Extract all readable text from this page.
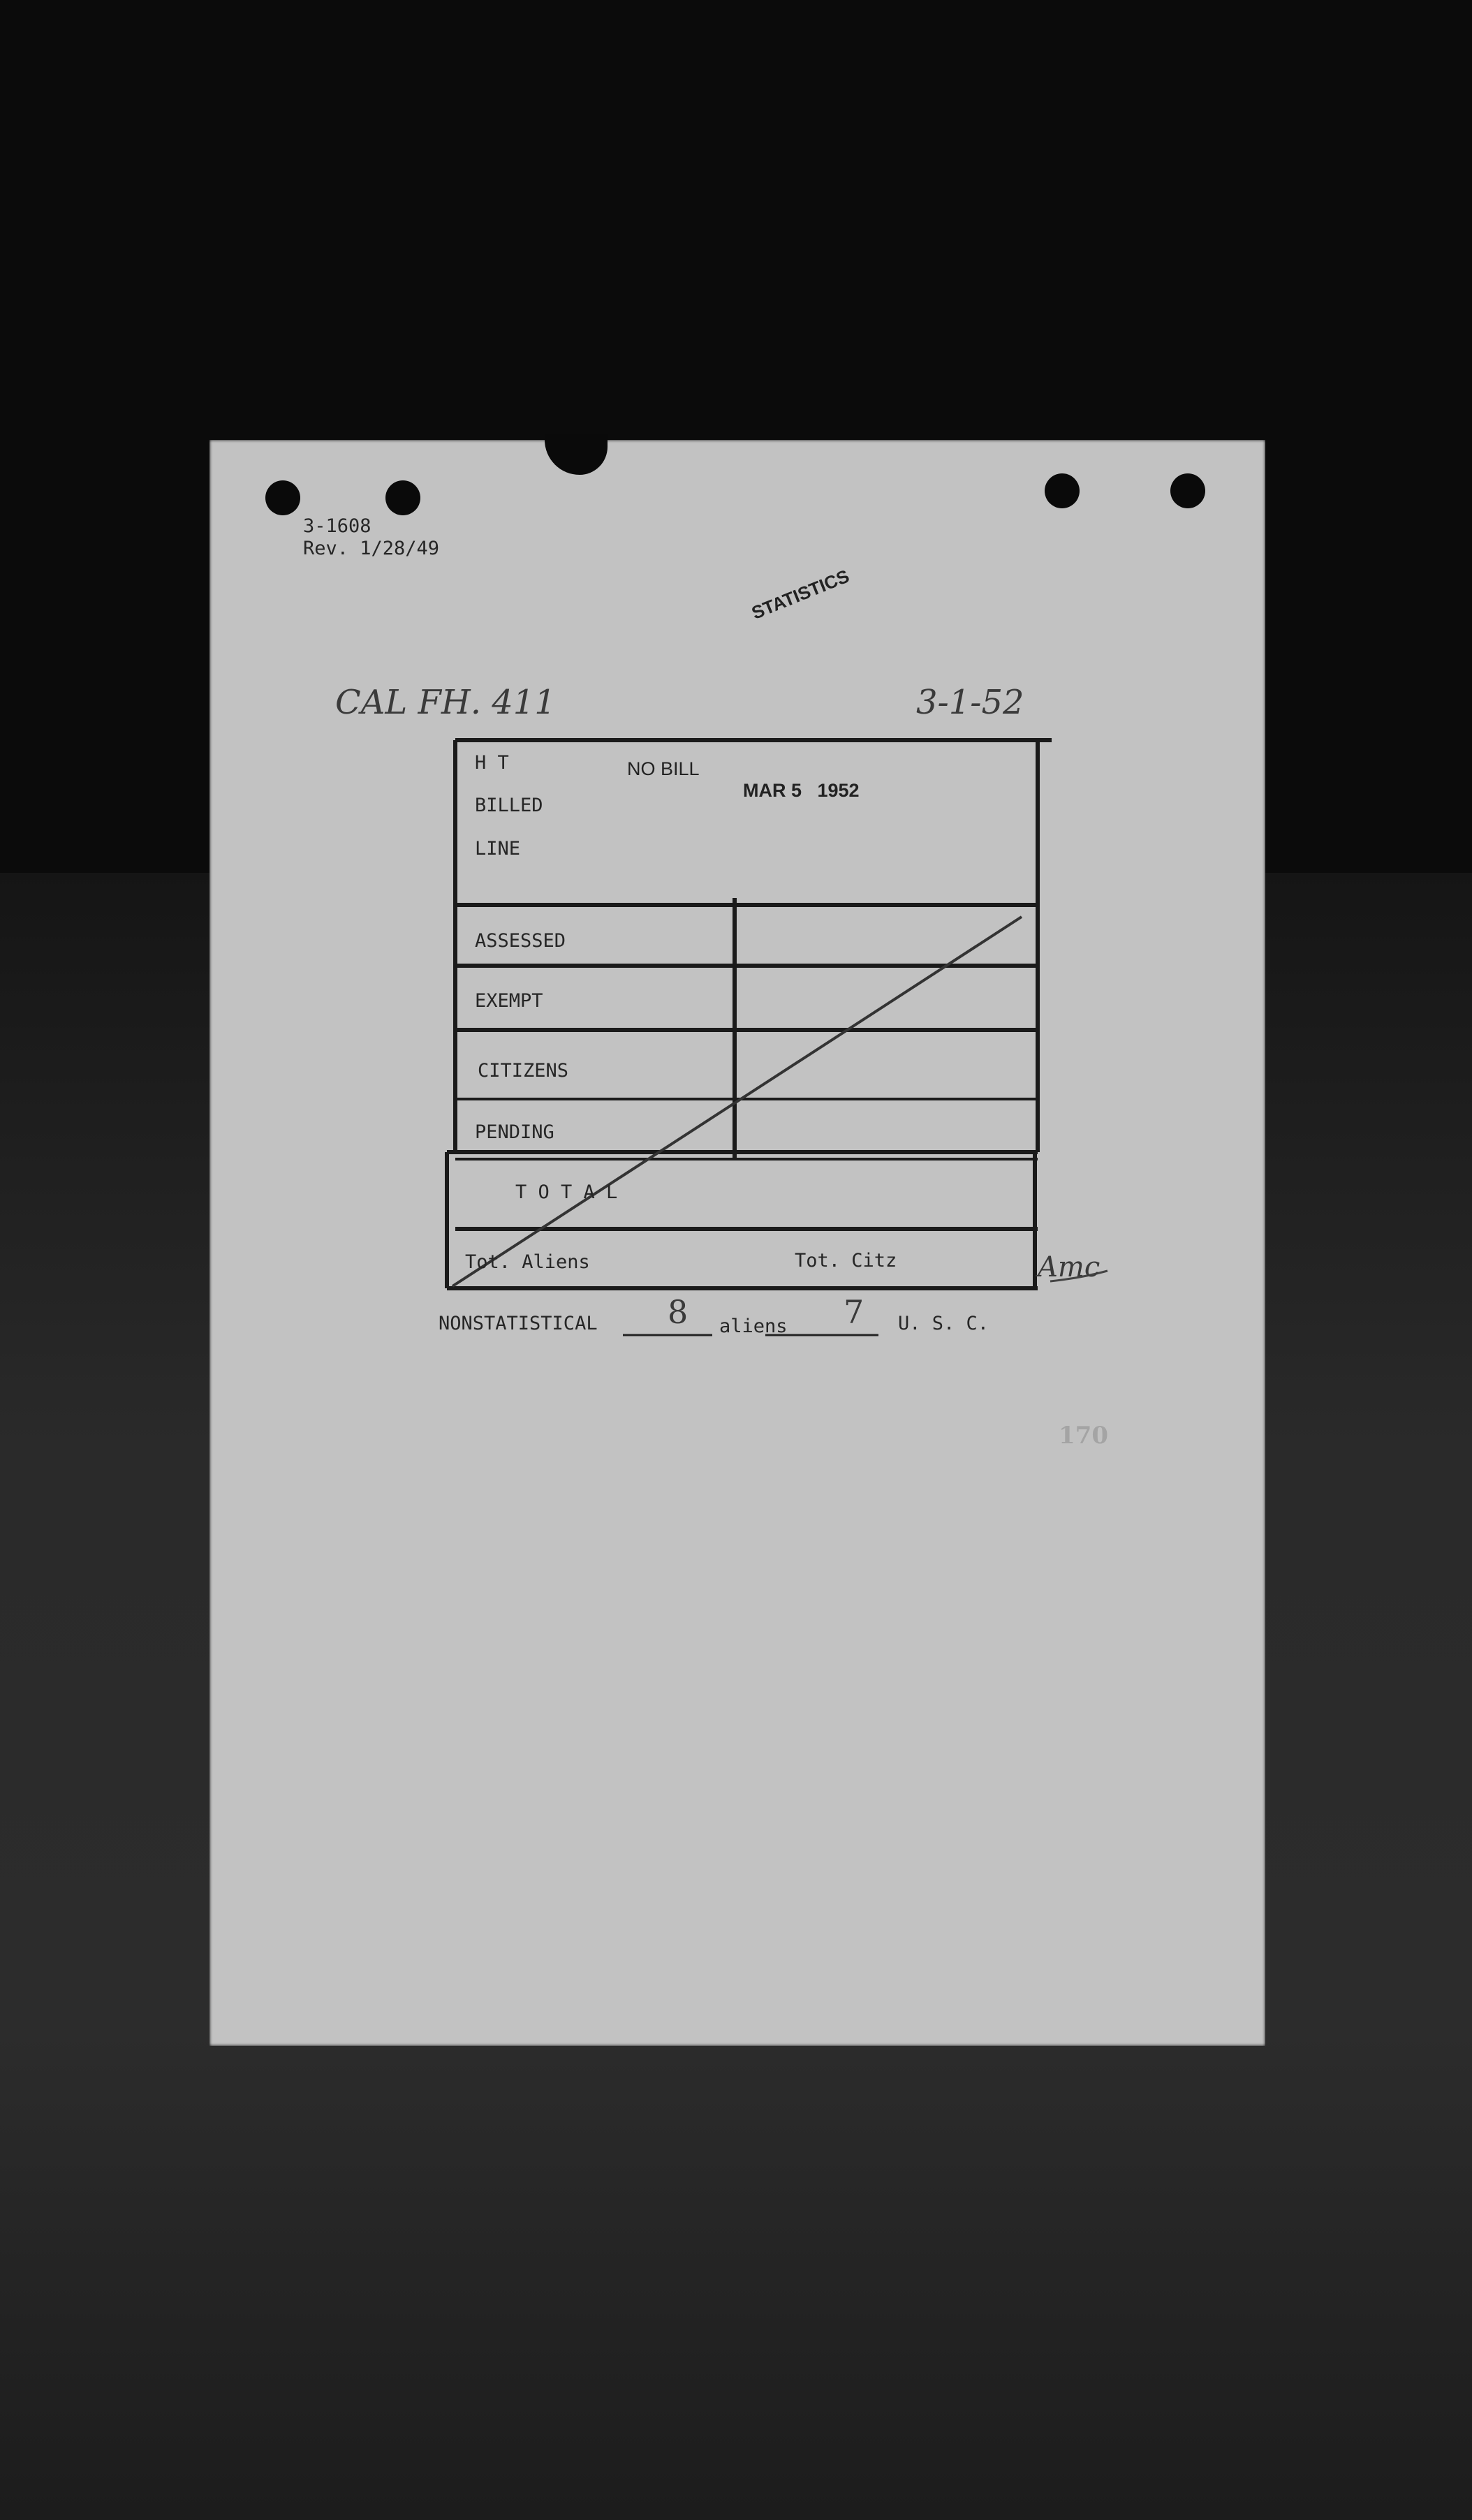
3-1608
Rev. 1/28/49
STATISTICS
CAL FH. 411	3-1-52
H T
BILLED
LINE
NO BILL
MAR 5   1952
ASSESSED
EXEMPT
CITIZENS
PENDING
T O T A L
Tot. Aliens	Tot. Citz	Amc
NONSTATISTICAL 8 aliens 7 U. S. C.
170
